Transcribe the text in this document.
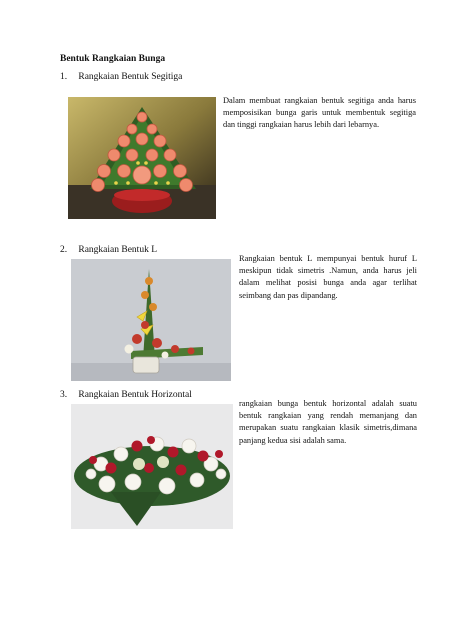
Bentuk Rangkaian Bunga
1. Rangkaian Bentuk Segitiga
Dalam membuat rangkaian bentuk segitiga anda harus memposisikan bunga garis untuk membentuk segitiga dan tinggi rangkaian harus lebih dari lebarnya.
2. Rangkaian Bentuk L
Rangkaian bentuk L mempunyai bentuk huruf L meskipun tidak simetris .Namun, anda harus jeli dalam melihat posisi bunga anda agar terlihat seimbang dan pas dipandang.
3. Rangkaian Bentuk Horizontal
rangkaian bunga bentuk horizontal adalah suatu bentuk rangkaian yang rendah memanjang dan merupakan suatu rangkaian klasik simetris,dimana panjang kedua sisi adalah sama.
